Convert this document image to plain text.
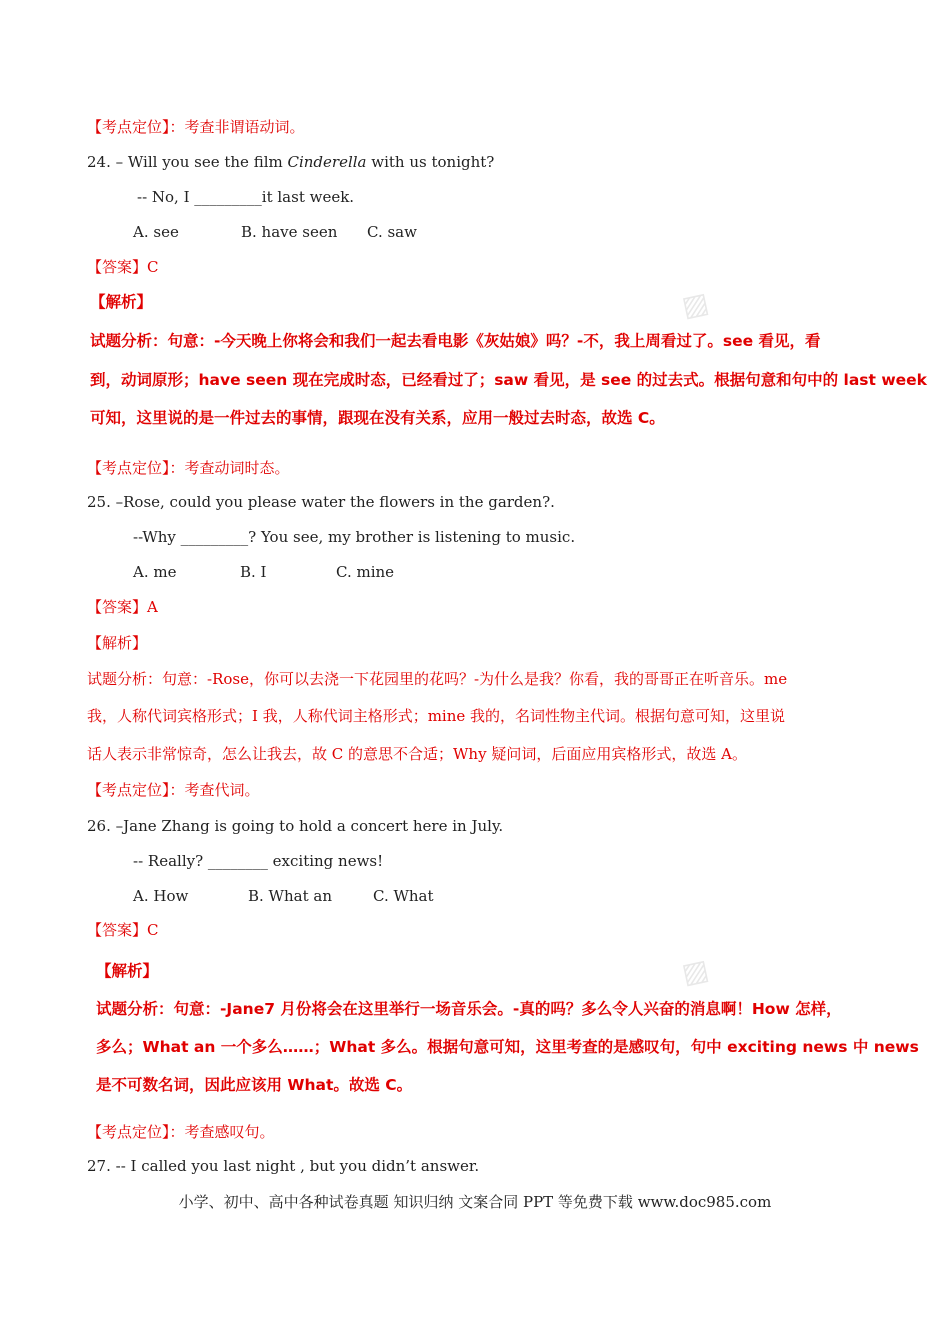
【考点定位】：考查非谓语动词。
24. – Will you see the film Cinderella with us tonight?
-- No, I _________it last week.
A. see	B. have seen C. saw
【答案】C
▨
【解析】
试题分析：句意：-今天晚上你将会和我们一起去看电影《灰姑娘》吗？-不，我上周看过了。see 看见，看
到，动词原形；have seen 现在完成时态，已经看过了；saw 看见，是 see 的过去式。根据句意和句中的 last week
可知，这里说的是一件过去的事情，跟现在没有关系，应用一般过去时态，故选 C。
【考点定位】：考查动词时态。
25. –Rose, could you please water the flowers in the garden?.
--Why _________? You see, my brother is listening to music.
A. me	B. I	C. mine
【答案】A
【解析】
试题分析：句意：-Rose，你可以去浇一下花园里的花吗？-为什么是我？你看，我的哥哥正在听音乐。me
我，人称代词宾格形式；I 我，人称代词主格形式；mine 我的，名词性物主代词。根据句意可知，这里说
话人表示非常惊奇，怎么让我去，故 C 的意思不合适；Why 疑问词，后面应用宾格形式，故选 A。
【考点定位】：考查代词。
26. –Jane Zhang is going to hold a concert here in July.
-- Really? ________ exciting news!
A. How	B. What an	C. What
【答案】C
▨
【解析】
试题分析：句意：-Jane7 月份将会在这里举行一场音乐会。-真的吗？多么令人兴奋的消息啊！How 怎样，
多么；What an 一个多么……；What 多么。根据句意可知，这里考查的是感叹句，句中 exciting news 中 news
是不可数名词，因此应该用 What。故选 C。
【考点定位】：考查感叹句。
27. -- I called you last night , but you didn’t answer.
小学、初中、高中各种试卷真题 知识归纳 文案合同 PPT 等免费下载 www.doc985.com
